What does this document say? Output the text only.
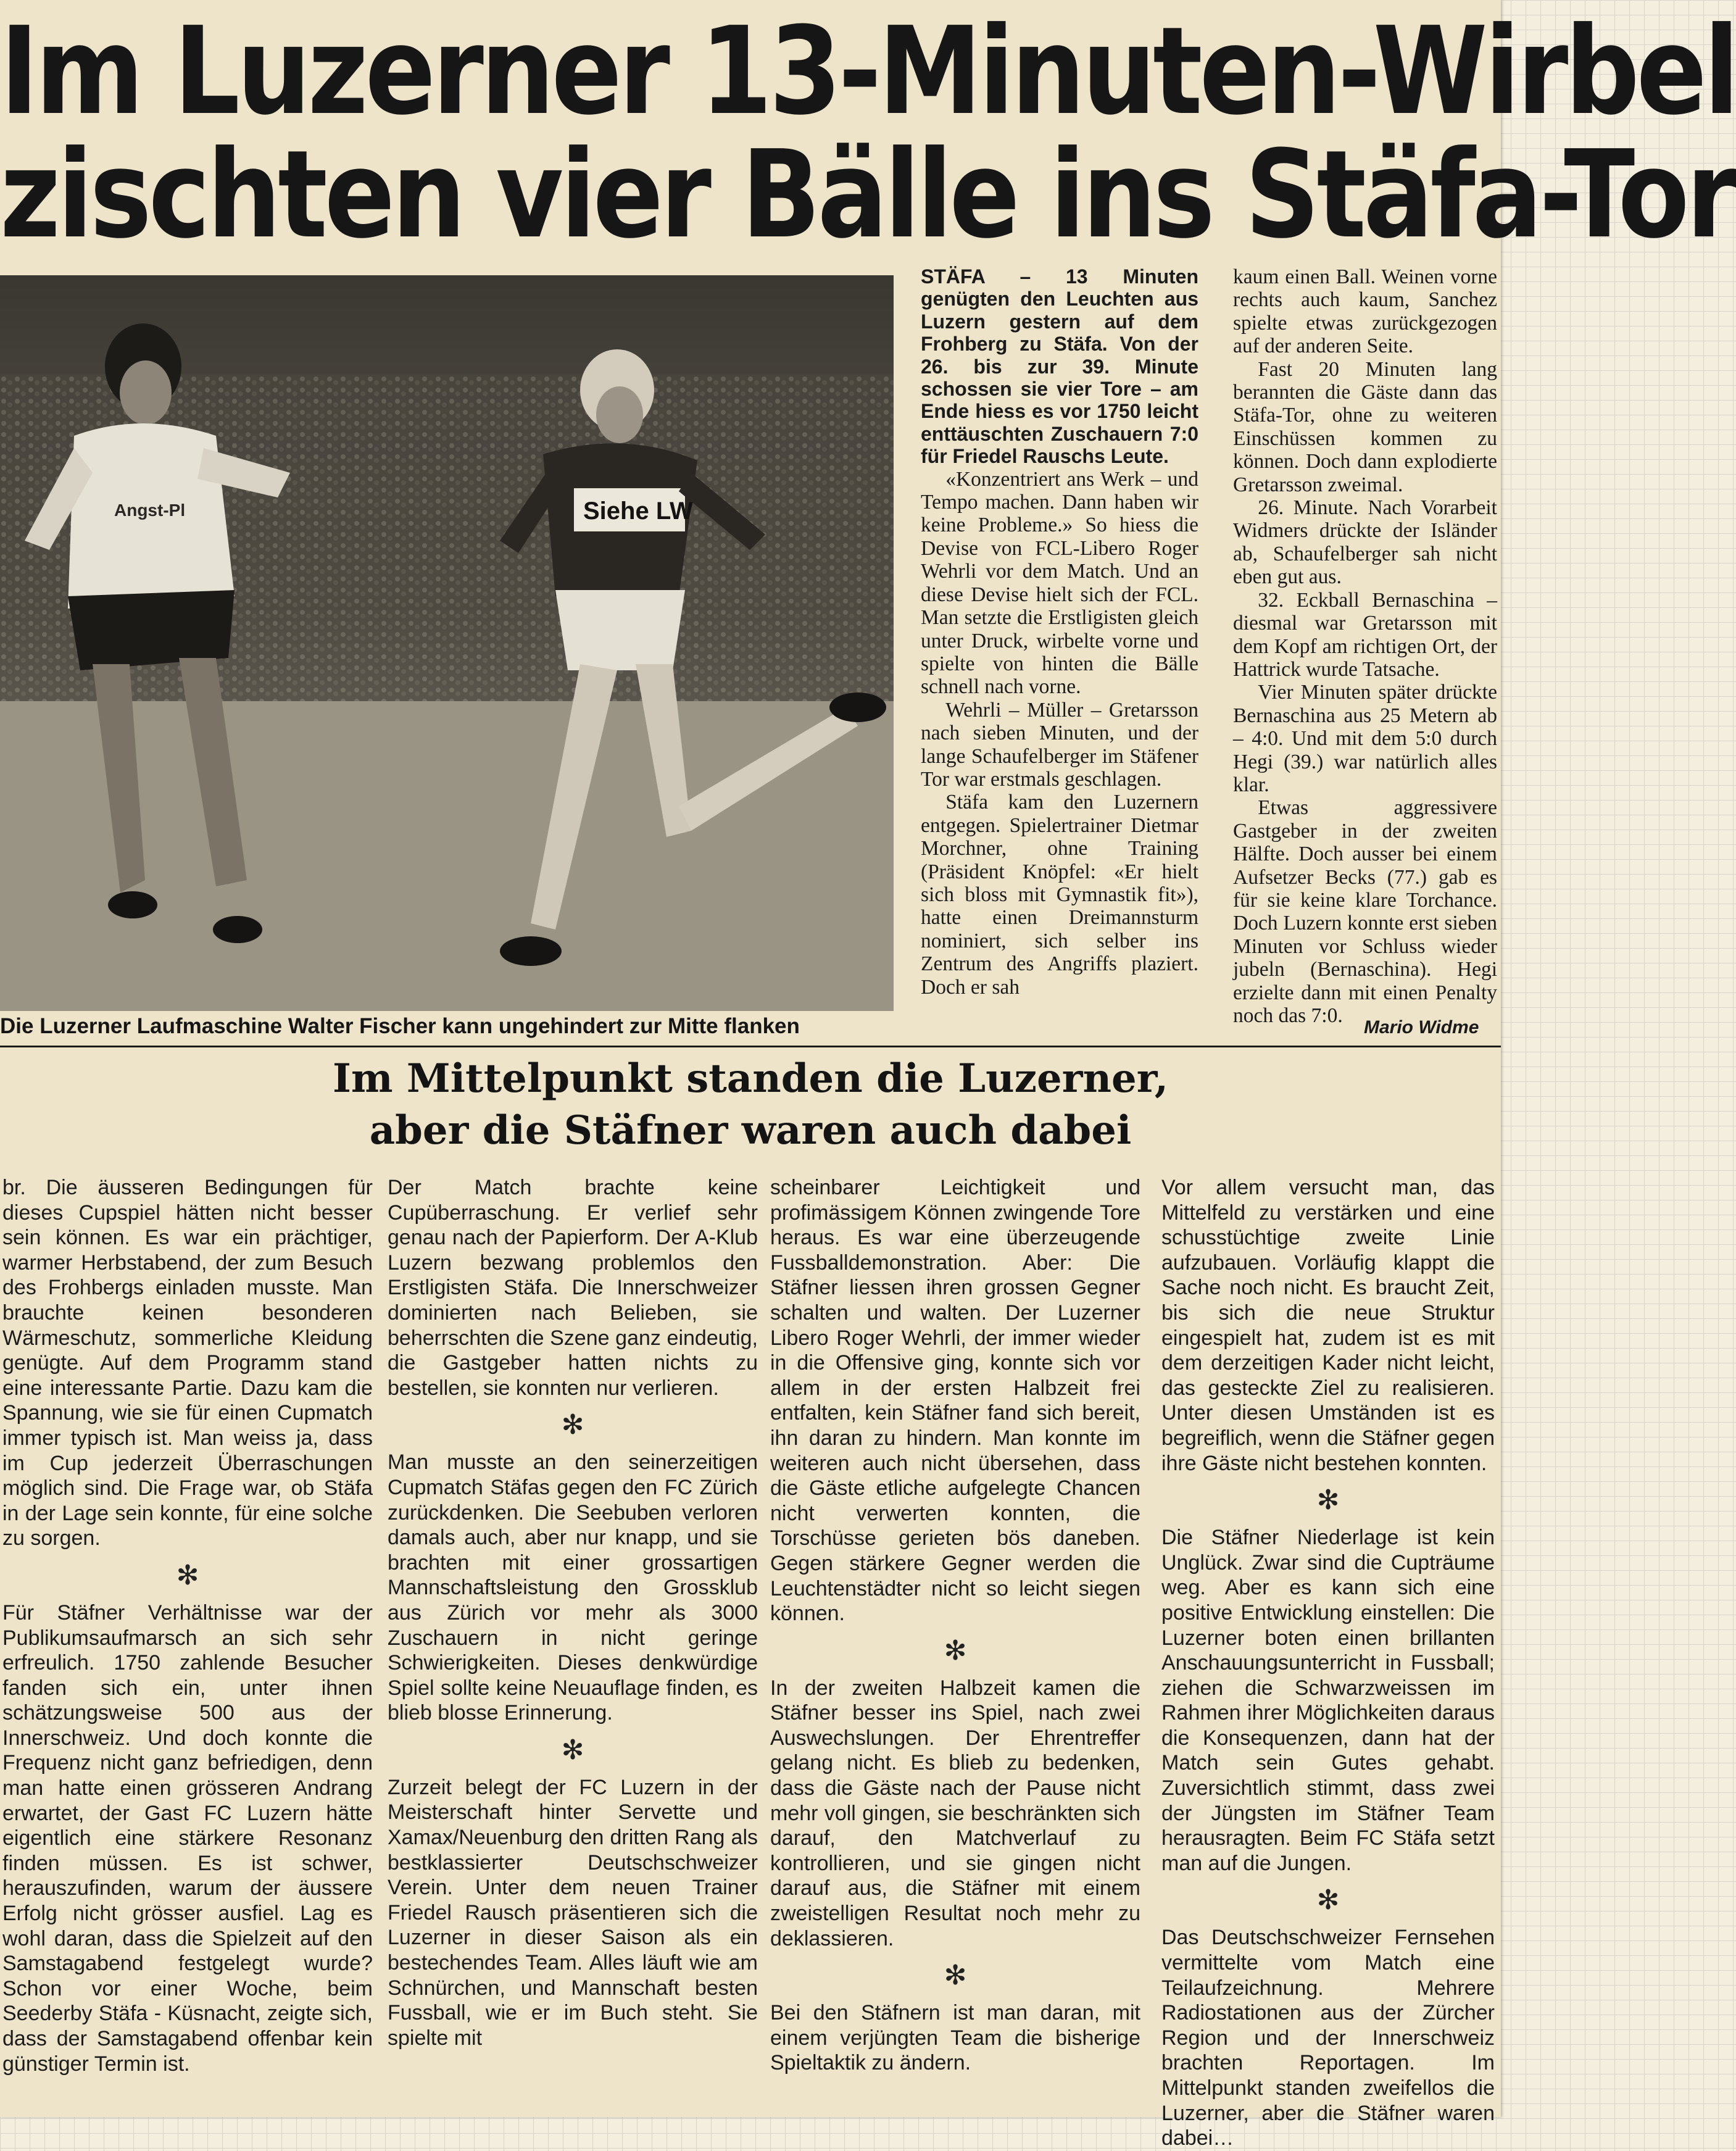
Im Luzerner 13-Minuten-Wirbel
zischten vier Bälle ins Stäfa-Tor
Angst-Pl	Siehe LW

Die Luzerner Laufmaschine Walter Fischer kann ungehindert zur Mitte flanken

STÄFA – 13 Minuten genügten den Leuchten aus Luzern gestern auf dem Frohberg zu Stäfa. Von der 26. bis zur 39. Minute schossen sie vier Tore – am Ende hiess es vor 1750 leicht enttäuschten Zuschauern 7:0 für Friedel Rauschs Leute.

«Konzentriert ans Werk – und Tempo machen. Dann haben wir keine Probleme.» So hiess die Devise von FCL-Libero Roger Wehrli vor dem Match. Und an diese Devise hielt sich der FCL. Man setzte die Erstligisten gleich unter Druck, wirbelte vorne und spielte von hinten die Bälle schnell nach vorne.

Wehrli – Müller – Gretarsson nach sieben Minuten, und der lange Schaufelberger im Stäfener Tor war erstmals geschlagen.

Stäfa kam den Luzernern entgegen. Spielertrainer Dietmar Morchner, ohne Training (Präsident Knöpfel: «Er hielt sich bloss mit Gymnastik fit»), hatte einen Dreimannsturm nominiert, sich selber ins Zentrum des Angriffs plaziert. Doch er sah

kaum einen Ball. Weinen vorne rechts auch kaum, Sanchez spielte etwas zurückgezogen auf der anderen Seite.

Fast 20 Minuten lang berannten die Gäste dann das Stäfa-Tor, ohne zu weiteren Einschüssen kommen zu können. Doch dann explodierte Gretarsson zweimal.

26. Minute. Nach Vorarbeit Widmers drückte der Isländer ab, Schaufelberger sah nicht eben gut aus.

32. Eckball Bernaschina – diesmal war Gretarsson mit dem Kopf am richtigen Ort, der Hattrick wurde Tatsache.

Vier Minuten später drückte Bernaschina aus 25 Metern ab – 4:0. Und mit dem 5:0 durch Hegi (39.) war natürlich alles klar.

Etwas aggressivere Gastgeber in der zweiten Hälfte. Doch ausser bei einem Aufsetzer Becks (77.) gab es für sie keine klare Torchance. Doch Luzern konnte erst sieben Minuten vor Schluss wieder jubeln (Bernaschina). Hegi erzielte dann mit einen Penalty noch das 7:0.

Mario Widme

Im Mittelpunkt standen die Luzerner,
aber die Stäfner waren auch dabei

br. Die äusseren Bedingungen für dieses Cupspiel hätten nicht besser sein können. Es war ein prächtiger, warmer Herbstabend, der zum Besuch des Frohbergs einladen musste. Man brauchte keinen besonderen Wärmeschutz, sommerliche Kleidung genügte. Auf dem Programm stand eine interessante Partie. Dazu kam die Spannung, wie sie für einen Cupmatch immer typisch ist. Man weiss ja, dass im Cup jederzeit Überraschungen möglich sind. Die Frage war, ob Stäfa in der Lage sein konnte, für eine solche zu sorgen.

✻

Für Stäfner Verhältnisse war der Publikumsaufmarsch an sich sehr erfreulich. 1750 zahlende Besucher fanden sich ein, unter ihnen schätzungsweise 500 aus der Innerschweiz. Und doch konnte die Frequenz nicht ganz befriedigen, denn man hatte einen grösseren Andrang erwartet, der Gast FC Luzern hätte eigentlich eine stärkere Resonanz finden müssen. Es ist schwer, herauszufinden, warum der äussere Erfolg nicht grösser ausfiel. Lag es wohl daran, dass die Spielzeit auf den Samstagabend festgelegt wurde? Schon vor einer Woche, beim Seederby Stäfa - Küsnacht, zeigte sich, dass der Samstagabend offenbar kein günstiger Termin ist.

Der Match brachte keine Cupüberraschung. Er verlief sehr genau nach der Papierform. Der A-Klub Luzern bezwang problemlos den Erstligisten Stäfa. Die Innerschweizer dominierten nach Belieben, sie beherrschten die Szene ganz eindeutig, die Gastgeber hatten nichts zu bestellen, sie konnten nur verlieren.

✻

Man musste an den seinerzeitigen Cupmatch Stäfas gegen den FC Zürich zurückdenken. Die Seebuben verloren damals auch, aber nur knapp, und sie brachten mit einer grossartigen Mannschaftsleistung den Grossklub aus Zürich vor mehr als 3000 Zuschauern in nicht geringe Schwierigkeiten. Dieses denkwürdige Spiel sollte keine Neuauflage finden, es blieb blosse Erinnerung.

✻

Zurzeit belegt der FC Luzern in der Meisterschaft hinter Servette und Xamax/Neuenburg den dritten Rang als bestklassierter Deutschschweizer Verein. Unter dem neuen Trainer Friedel Rausch präsentieren sich die Luzerner in dieser Saison als ein bestechendes Team. Alles läuft wie am Schnürchen, und Mannschaft besten Fussball, wie er im Buch steht. Sie spielte mit

scheinbarer Leichtigkeit und profimässigem Können zwingende Tore heraus. Es war eine überzeugende Fussballdemonstration. Aber: Die Stäfner liessen ihren grossen Gegner schalten und walten. Der Luzerner Libero Roger Wehrli, der immer wieder in die Offensive ging, konnte sich vor allem in der ersten Halbzeit frei entfalten, kein Stäfner fand sich bereit, ihn daran zu hindern. Man konnte im weiteren auch nicht übersehen, dass die Gäste etliche aufgelegte Chancen nicht verwerten konnten, die Torschüsse gerieten bös daneben. Gegen stärkere Gegner werden die Leuchtenstädter nicht so leicht siegen können.

✻

In der zweiten Halbzeit kamen die Stäfner besser ins Spiel, nach zwei Auswechslungen. Der Ehrentreffer gelang nicht. Es blieb zu bedenken, dass die Gäste nach der Pause nicht mehr voll gingen, sie beschränkten sich darauf, den Matchverlauf zu kontrollieren, und sie gingen nicht darauf aus, die Stäfner mit einem zweistelligen Resultat noch mehr zu deklassieren.

✻

Bei den Stäfnern ist man daran, mit einem verjüngten Team die bisherige Spieltaktik zu ändern.

Vor allem versucht man, das Mittelfeld zu verstärken und eine schusstüchtige zweite Linie aufzubauen. Vorläufig klappt die Sache noch nicht. Es braucht Zeit, bis sich die neue Struktur eingespielt hat, zudem ist es mit dem derzeitigen Kader nicht leicht, das gesteckte Ziel zu realisieren. Unter diesen Umständen ist es begreiflich, wenn die Stäfner gegen ihre Gäste nicht bestehen konnten.

✻

Die Stäfner Niederlage ist kein Unglück. Zwar sind die Cupträume weg. Aber es kann sich eine positive Entwicklung einstellen: Die Luzerner boten einen brillanten Anschauungsunterricht in Fussball; ziehen die Schwarzweissen im Rahmen ihrer Möglichkeiten daraus die Konsequenzen, dann hat der Match sein Gutes gehabt. Zuversichtlich stimmt, dass zwei der Jüngsten im Stäfner Team herausragten. Beim FC Stäfa setzt man auf die Jungen.

✻

Das Deutschschweizer Fernsehen vermittelte vom Match eine Teilaufzeichnung. Mehrere Radiostationen aus der Zürcher Region und der Innerschweiz brachten Reportagen. Im Mittelpunkt standen zweifellos die Luzerner, aber die Stäfner waren dabei…
